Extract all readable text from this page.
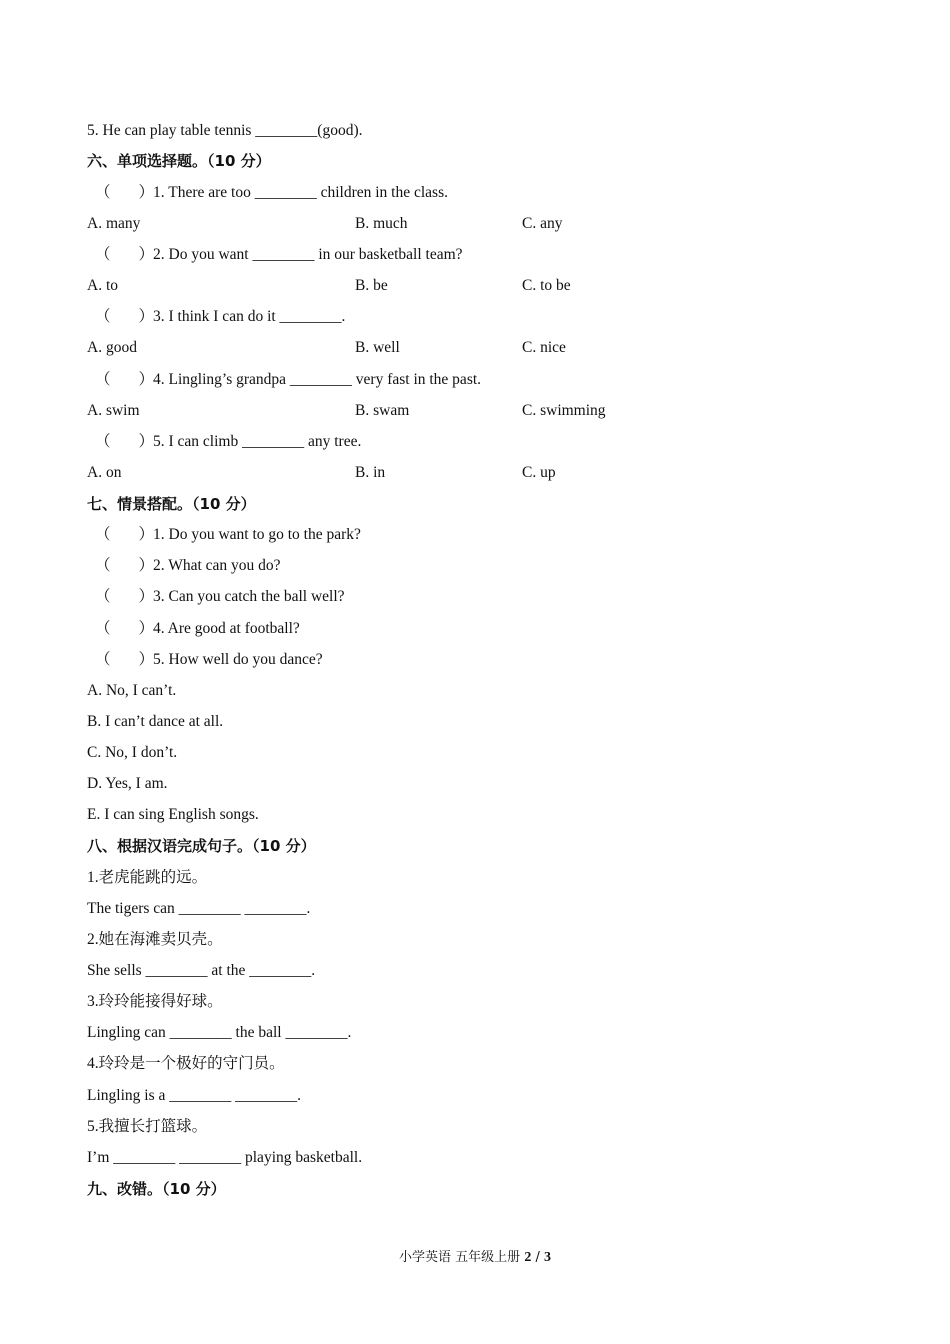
5. He can play table tennis ________(good).
六、单项选择题。（10 分）
（ ）1. There are too ________ children in the class.
A. many	B. much	C. any
（ ）2. Do you want ________ in our basketball team?
A. to	B. be	C. to be
（ ）3. I think I can do it ________.
A. good	B. well	C. nice
（ ）4. Lingling’s grandpa ________ very fast in the past.
A. swim	B. swam	C. swimming
（ ）5. I can climb ________ any tree.
A. on	B. in	C. up
七、情景搭配。（10 分）
（ ）1. Do you want to go to the park?
（ ）2. What can you do?
（ ）3. Can you catch the ball well?
（ ）4. Are good at football?
（ ）5. How well do you dance?
A. No, I can’t.
B. I can’t dance at all.
C. No, I don’t.
D. Yes, I am.
E. I can sing English songs.
八、根据汉语完成句子。（10 分）
1.老虎能跳的远。
The tigers can ________ ________.
2.她在海滩卖贝壳。
She sells ________ at the ________.
3.玲玲能接得好球。
Lingling can ________ the ball ________.
4.玲玲是一个极好的守门员。
Lingling is a ________ ________.
5.我擅长打篮球。
I’m ________ ________ playing basketball.
九、改错。（10 分）
小学英语 五年级上册 2 / 3
